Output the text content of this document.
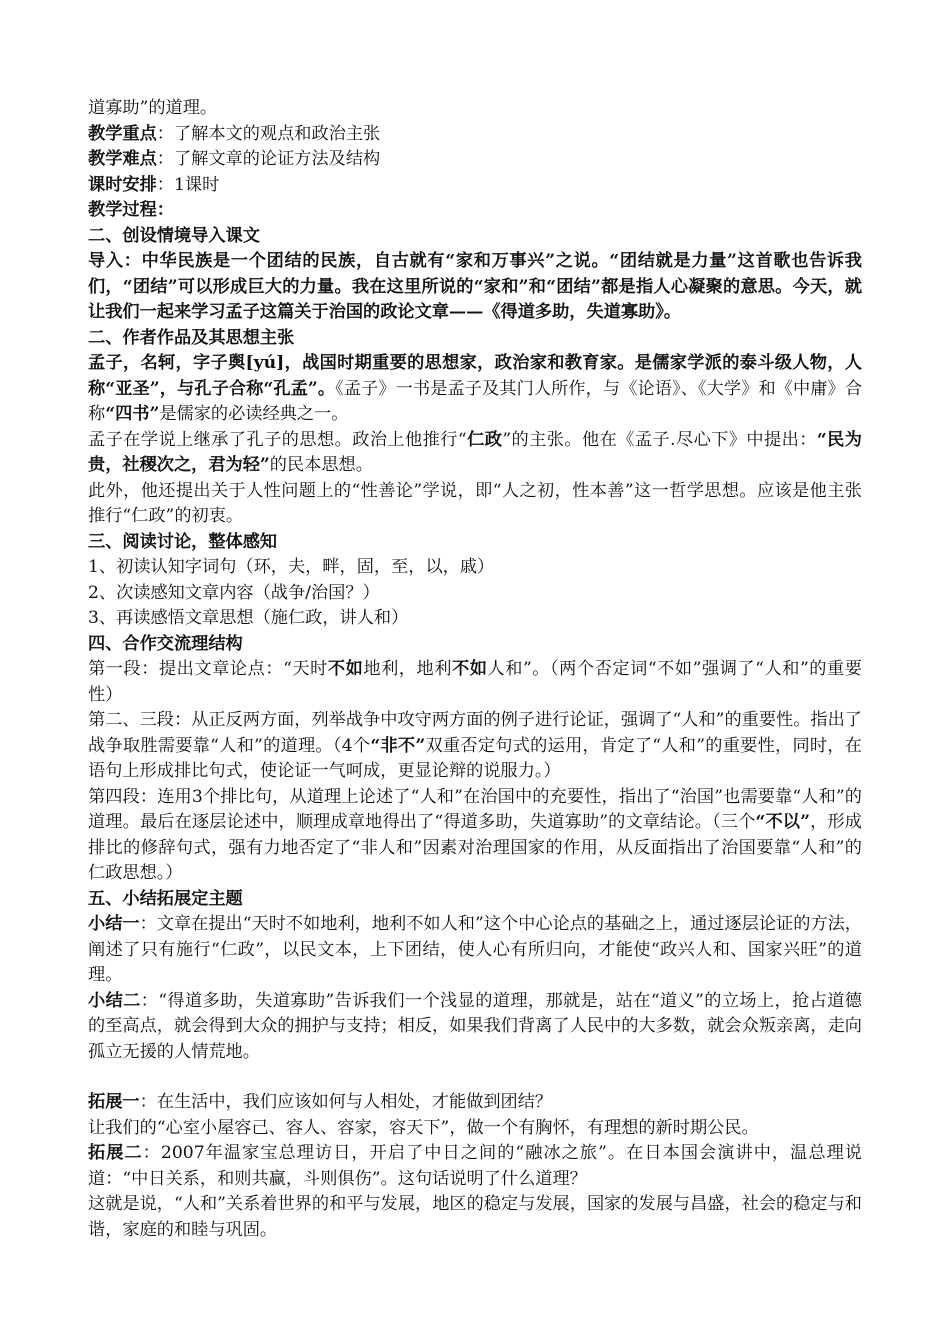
道寡助”的道理。

教学重点：了解本文的观点和政治主张

教学难点：了解文章的论证方法及结构

课时安排：1课时

教学过程：

二、创设情境导入课文

导入：中华民族是一个团结的民族，自古就有“家和万事兴”之说。“团结就是力量”这首歌也告诉我们，“团结”可以形成巨大的力量。我在这里所说的“家和”和“团结”都是指人心凝聚的意思。今天，就让我们一起来学习孟子这篇关于治国的政论文章——《得道多助，失道寡助》。

二、作者作品及其思想主张

孟子，名轲，字子舆[yú]，战国时期重要的思想家，政治家和教育家。是儒家学派的泰斗级人物，人称“亚圣”，与孔子合称“孔孟”。《孟子》一书是孟子及其门人所作，与《论语》、《大学》和《中庸》合称“四书”是儒家的必读经典之一。

孟子在学说上继承了孔子的思想。政治上他推行“仁政”的主张。他在《孟子.尽心下》中提出：“民为贵，社稷次之，君为轻”的民本思想。

此外，他还提出关于人性问题上的“性善论”学说，即“人之初，性本善”这一哲学思想。应该是他主张推行“仁政”的初衷。

三、阅读讨论，整体感知

1、初读认知字词句（环，夫，畔，固，至，以，戚）

2、次读感知文章内容（战争/治国？）

3、再读感悟文章思想（施仁政，讲人和）

四、合作交流理结构

第一段：提出文章论点：“天时不如地利，地利不如人和”。（两个否定词“不如”强调了“人和”的重要性）

第二、三段：从正反两方面，列举战争中攻守两方面的例子进行论证，强调了“人和”的重要性。指出了战争取胜需要靠“人和”的道理。（4个“非不”双重否定句式的运用，肯定了“人和”的重要性，同时，在语句上形成排比句式，使论证一气呵成，更显论辩的说服力。）

第四段：连用3个排比句，从道理上论述了“人和”在治国中的充要性，指出了“治国”也需要靠“人和”的道理。最后在逐层论述中，顺理成章地得出了“得道多助，失道寡助”的文章结论。（三个“不以”，形成排比的修辞句式，强有力地否定了“非人和”因素对治理国家的作用，从反面指出了治国要靠“人和”的仁政思想。）

五、小结拓展定主题

小结一：文章在提出“天时不如地利，地利不如人和”这个中心论点的基础之上，通过逐层论证的方法，阐述了只有施行“仁政”，以民文本，上下团结，使人心有所归向，才能使“政兴人和、国家兴旺”的道理。

小结二：“得道多助，失道寡助”告诉我们一个浅显的道理，那就是，站在“道义”的立场上，抢占道德的至高点，就会得到大众的拥护与支持；相反，如果我们背离了人民中的大多数，就会众叛亲离，走向孤立无援的人情荒地。

拓展一：在生活中，我们应该如何与人相处，才能做到团结？

让我们的“心室小屋容己、容人、容家，容天下”，做一个有胸怀，有理想的新时期公民。

拓展二：2007年温家宝总理访日，开启了中日之间的“融冰之旅”。在日本国会演讲中，温总理说道：“中日关系，和则共赢，斗则俱伤”。这句话说明了什么道理？

这就是说，“人和”关系着世界的和平与发展，地区的稳定与发展，国家的发展与昌盛，社会的稳定与和谐，家庭的和睦与巩固。
